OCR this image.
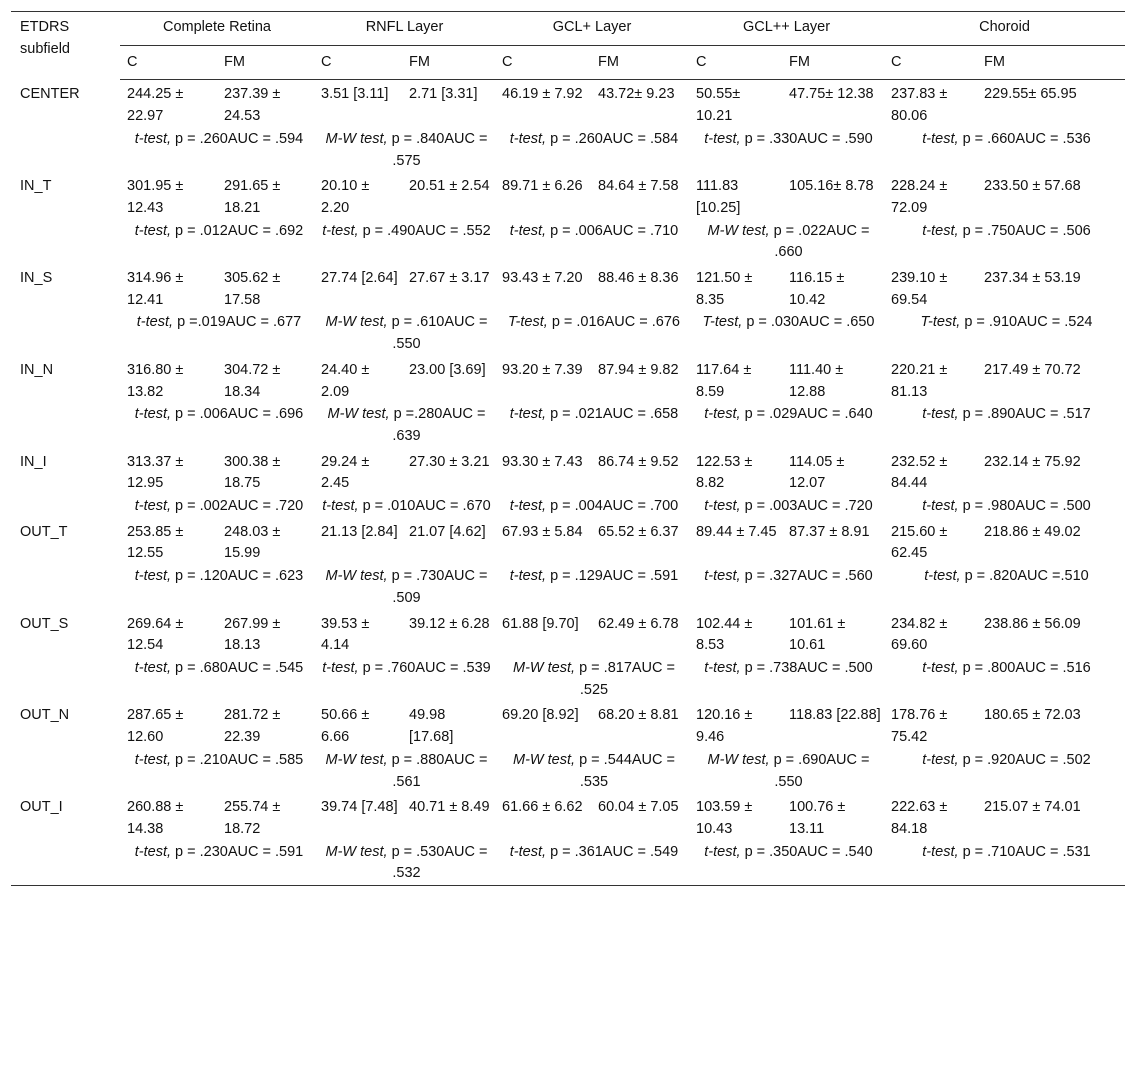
ETDRS subfield	Complete Retina		RNFL Layer		GCL+ Layer		GCL++ Layer		Choroid	
	C	FM	C	FM	C	FM	C	FM	C	FM
CENTER	244.25 ± 22.97	237.39 ± 24.53	3.51 [3.11]	2.71 [3.31]	46.19 ± 7.92	43.72± 9.23	50.55± 10.21	47.75± 12.38	237.83 ± 80.06	229.55± 65.95
	t-test, p = .260AUC = .594		M-W test, p = .840AUC = .575		t-test, p = .260AUC = .584		t-test, p = .330AUC = .590		t-test, p = .660AUC = .536	
IN_T	301.95 ± 12.43	291.65 ± 18.21	20.10 ± 2.20	20.51 ± 2.54	89.71 ± 6.26	84.64 ± 7.58	111.83 [10.25]	105.16± 8.78	228.24 ± 72.09	233.50 ± 57.68
	t-test, p = .012AUC = .692		t-test, p = .490AUC = .552		t-test, p = .006AUC = .710		M-W test, p = .022AUC = .660		t-test, p = .750AUC = .506	
IN_S	314.96 ± 12.41	305.62 ± 17.58	27.74 [2.64]	27.67 ± 3.17	93.43 ± 7.20	88.46 ± 8.36	121.50 ± 8.35	116.15 ± 10.42	239.10 ± 69.54	237.34 ± 53.19
	t-test, p =.019AUC = .677		M-W test, p = .610AUC = .550		T-test, p = .016AUC = .676		T-test, p = .030AUC = .650		T-test, p = .910AUC = .524	
IN_N	316.80 ± 13.82	304.72 ± 18.34	24.40 ± 2.09	23.00 [3.69]	93.20 ± 7.39	87.94 ± 9.82	117.64 ± 8.59	111.40 ± 12.88	220.21 ± 81.13	217.49 ± 70.72
	t-test, p = .006AUC = .696		M-W test, p =.280AUC = .639		t-test, p = .021AUC = .658		t-test, p = .029AUC = .640		t-test, p = .890AUC = .517	
IN_I	313.37 ± 12.95	300.38 ± 18.75	29.24 ± 2.45	27.30 ± 3.21	93.30 ± 7.43	86.74 ± 9.52	122.53 ± 8.82	114.05 ± 12.07	232.52 ± 84.44	232.14 ± 75.92
	t-test, p = .002AUC = .720		t-test, p = .010AUC = .670		t-test, p = .004AUC = .700		t-test, p = .003AUC = .720		t-test, p = .980AUC = .500	
OUT_T	253.85 ± 12.55	248.03 ± 15.99	21.13 [2.84]	21.07 [4.62]	67.93 ± 5.84	65.52 ± 6.37	89.44 ± 7.45	87.37 ± 8.91	215.60 ± 62.45	218.86 ± 49.02
	t-test, p = .120AUC = .623		M-W test, p = .730AUC = .509		t-test, p = .129AUC = .591		t-test, p = .327AUC = .560		t-test, p = .820AUC =.510	
OUT_S	269.64 ± 12.54	267.99 ± 18.13	39.53 ± 4.14	39.12 ± 6.28	61.88 [9.70]	62.49 ± 6.78	102.44 ± 8.53	101.61 ± 10.61	234.82 ± 69.60	238.86 ± 56.09
	t-test, p = .680AUC = .545		t-test, p = .760AUC = .539		M-W test, p = .817AUC = .525		t-test, p = .738AUC = .500		t-test, p = .800AUC = .516	
OUT_N	287.65 ± 12.60	281.72 ± 22.39	50.66 ± 6.66	49.98 [17.68]	69.20 [8.92]	68.20 ± 8.81	120.16 ± 9.46	118.83 [22.88]	178.76 ± 75.42	180.65 ± 72.03
	t-test, p = .210AUC = .585		M-W test, p = .880AUC = .561		M-W test, p = .544AUC = .535		M-W test, p = .690AUC = .550		t-test, p = .920AUC = .502	
OUT_I	260.88 ± 14.38	255.74 ± 18.72	39.74 [7.48]	40.71 ± 8.49	61.66 ± 6.62	60.04 ± 7.05	103.59 ± 10.43	100.76 ± 13.11	222.63 ± 84.18	215.07 ± 74.01
	t-test, p = .230AUC = .591		M-W test, p = .530AUC = .532		t-test, p = .361AUC = .549		t-test, p = .350AUC = .540		t-test, p = .710AUC = .531	
